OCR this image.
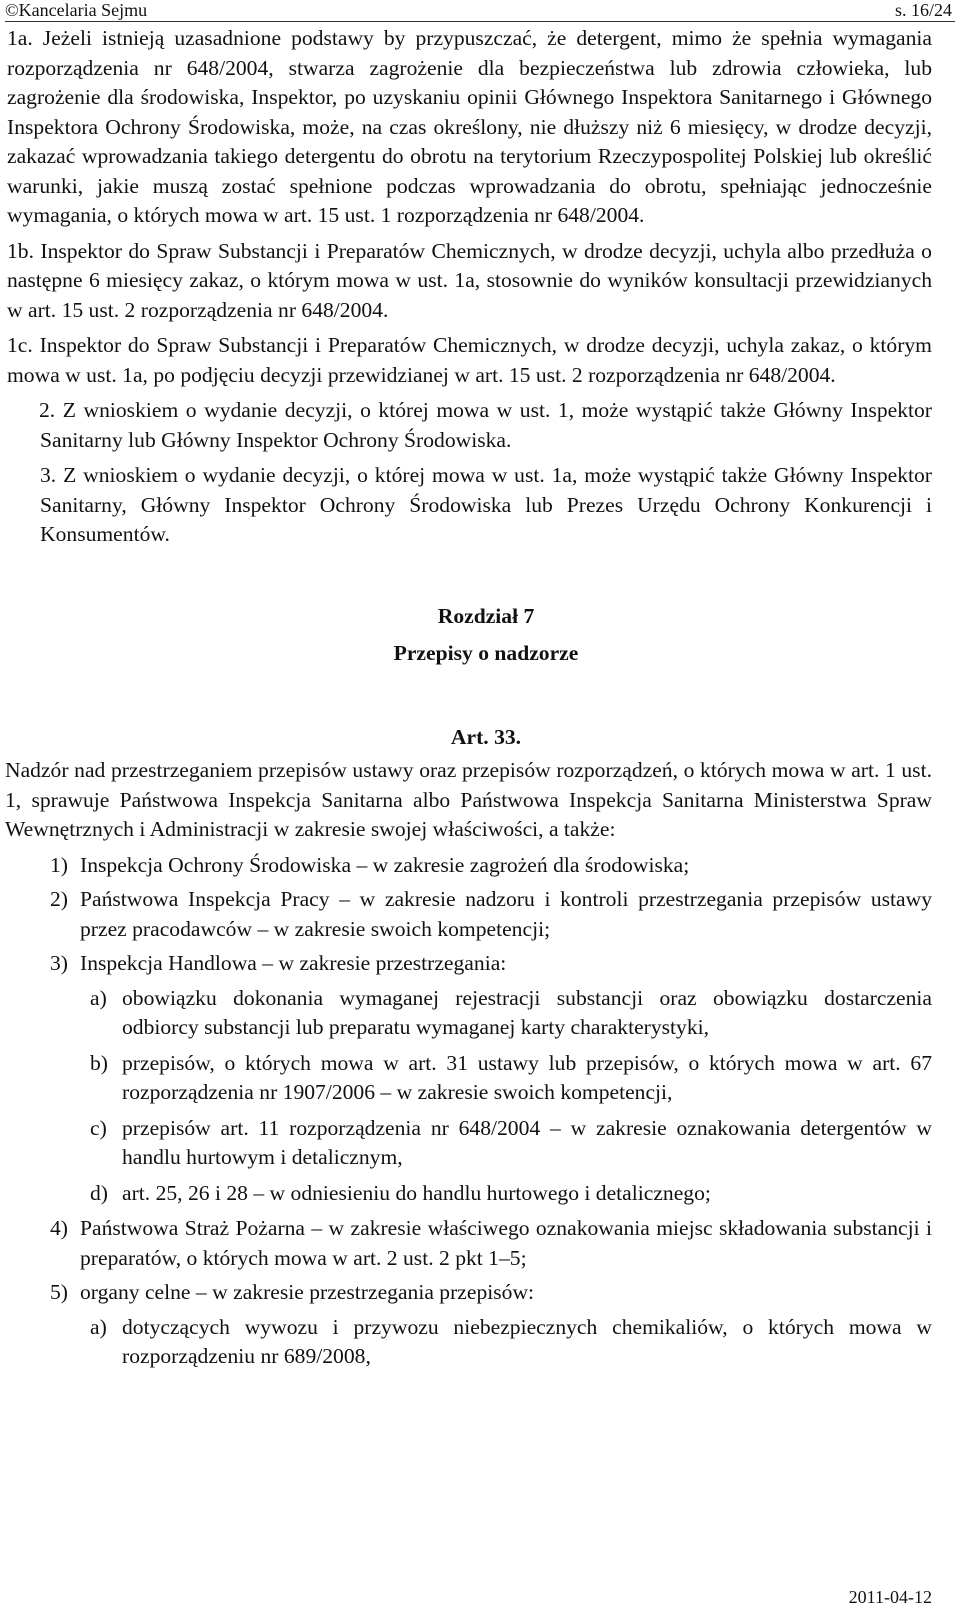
©Kancelaria Sejmu	s. 16/24

1a. Jeżeli istnieją uzasadnione podstawy by przypuszczać, że detergent, mimo że spełnia wymagania rozporządzenia nr 648/2004, stwarza zagrożenie dla bezpieczeństwa lub zdrowia człowieka, lub zagrożenie dla środowiska, Inspektor, po uzyskaniu opinii Głównego Inspektora Sanitarnego i Głównego Inspektora Ochrony Środowiska, może, na czas określony, nie dłuższy niż 6 miesięcy, w drodze decyzji, zakazać wprowadzania takiego detergentu do obrotu na terytorium Rzeczypospolitej Polskiej lub określić warunki, jakie muszą zostać spełnione podczas wprowadzania do obrotu, spełniając jednocześnie wymagania, o których mowa w art. 15 ust. 1 rozporządzenia nr 648/2004.

1b. Inspektor do Spraw Substancji i Preparatów Chemicznych, w drodze decyzji, uchyla albo przedłuża o następne 6 miesięcy zakaz, o którym mowa w ust. 1a, stosownie do wyników konsultacji przewidzianych w art. 15 ust. 2 rozporządzenia nr 648/2004.

1c. Inspektor do Spraw Substancji i Preparatów Chemicznych, w drodze decyzji, uchyla zakaz, o którym mowa w ust. 1a, po podjęciu decyzji przewidzianej w art. 15 ust. 2 rozporządzenia nr 648/2004.

2. Z wnioskiem o wydanie decyzji, o której mowa w ust. 1, może wystąpić także Główny Inspektor Sanitarny lub Główny Inspektor Ochrony Środowiska.

3. Z wnioskiem o wydanie decyzji, o której mowa w ust. 1a, może wystąpić także Główny Inspektor Sanitarny, Główny Inspektor Ochrony Środowiska lub Prezes Urzędu Ochrony Konkurencji i Konsumentów.

Rozdział 7
Przepisy o nadzorze
Art. 33.

Nadzór nad przestrzeganiem przepisów ustawy oraz przepisów rozporządzeń, o których mowa w art. 1 ust. 1, sprawuje Państwowa Inspekcja Sanitarna albo Państwowa Inspekcja Sanitarna Ministerstwa Spraw Wewnętrznych i Administracji w zakresie swojej właściwości, a także:

1) Inspekcja Ochrony Środowiska – w zakresie zagrożeń dla środowiska;
2) Państwowa Inspekcja Pracy – w zakresie nadzoru i kontroli przestrzegania przepisów ustawy przez pracodawców – w zakresie swoich kompetencji;
3) Inspekcja Handlowa – w zakresie przestrzegania:
a) obowiązku dokonania wymaganej rejestracji substancji oraz obowiązku dostarczenia odbiorcy substancji lub preparatu wymaganej karty charakterystyki,
b) przepisów, o których mowa w art. 31 ustawy lub przepisów, o których mowa w art. 67 rozporządzenia nr 1907/2006 – w zakresie swoich kompetencji,
c) przepisów art. 11 rozporządzenia nr 648/2004 – w zakresie oznakowania detergentów w handlu hurtowym i detalicznym,
d) art. 25, 26 i 28 – w odniesieniu do handlu hurtowego i detalicznego;
4) Państwowa Straż Pożarna – w zakresie właściwego oznakowania miejsc składowania substancji i preparatów, o których mowa w art. 2 ust. 2 pkt 1–5;
5) organy celne – w zakresie przestrzegania przepisów:
a) dotyczących wywozu i przywozu niebezpiecznych chemikaliów, o których mowa w rozporządzeniu nr 689/2008,
2011-04-12
